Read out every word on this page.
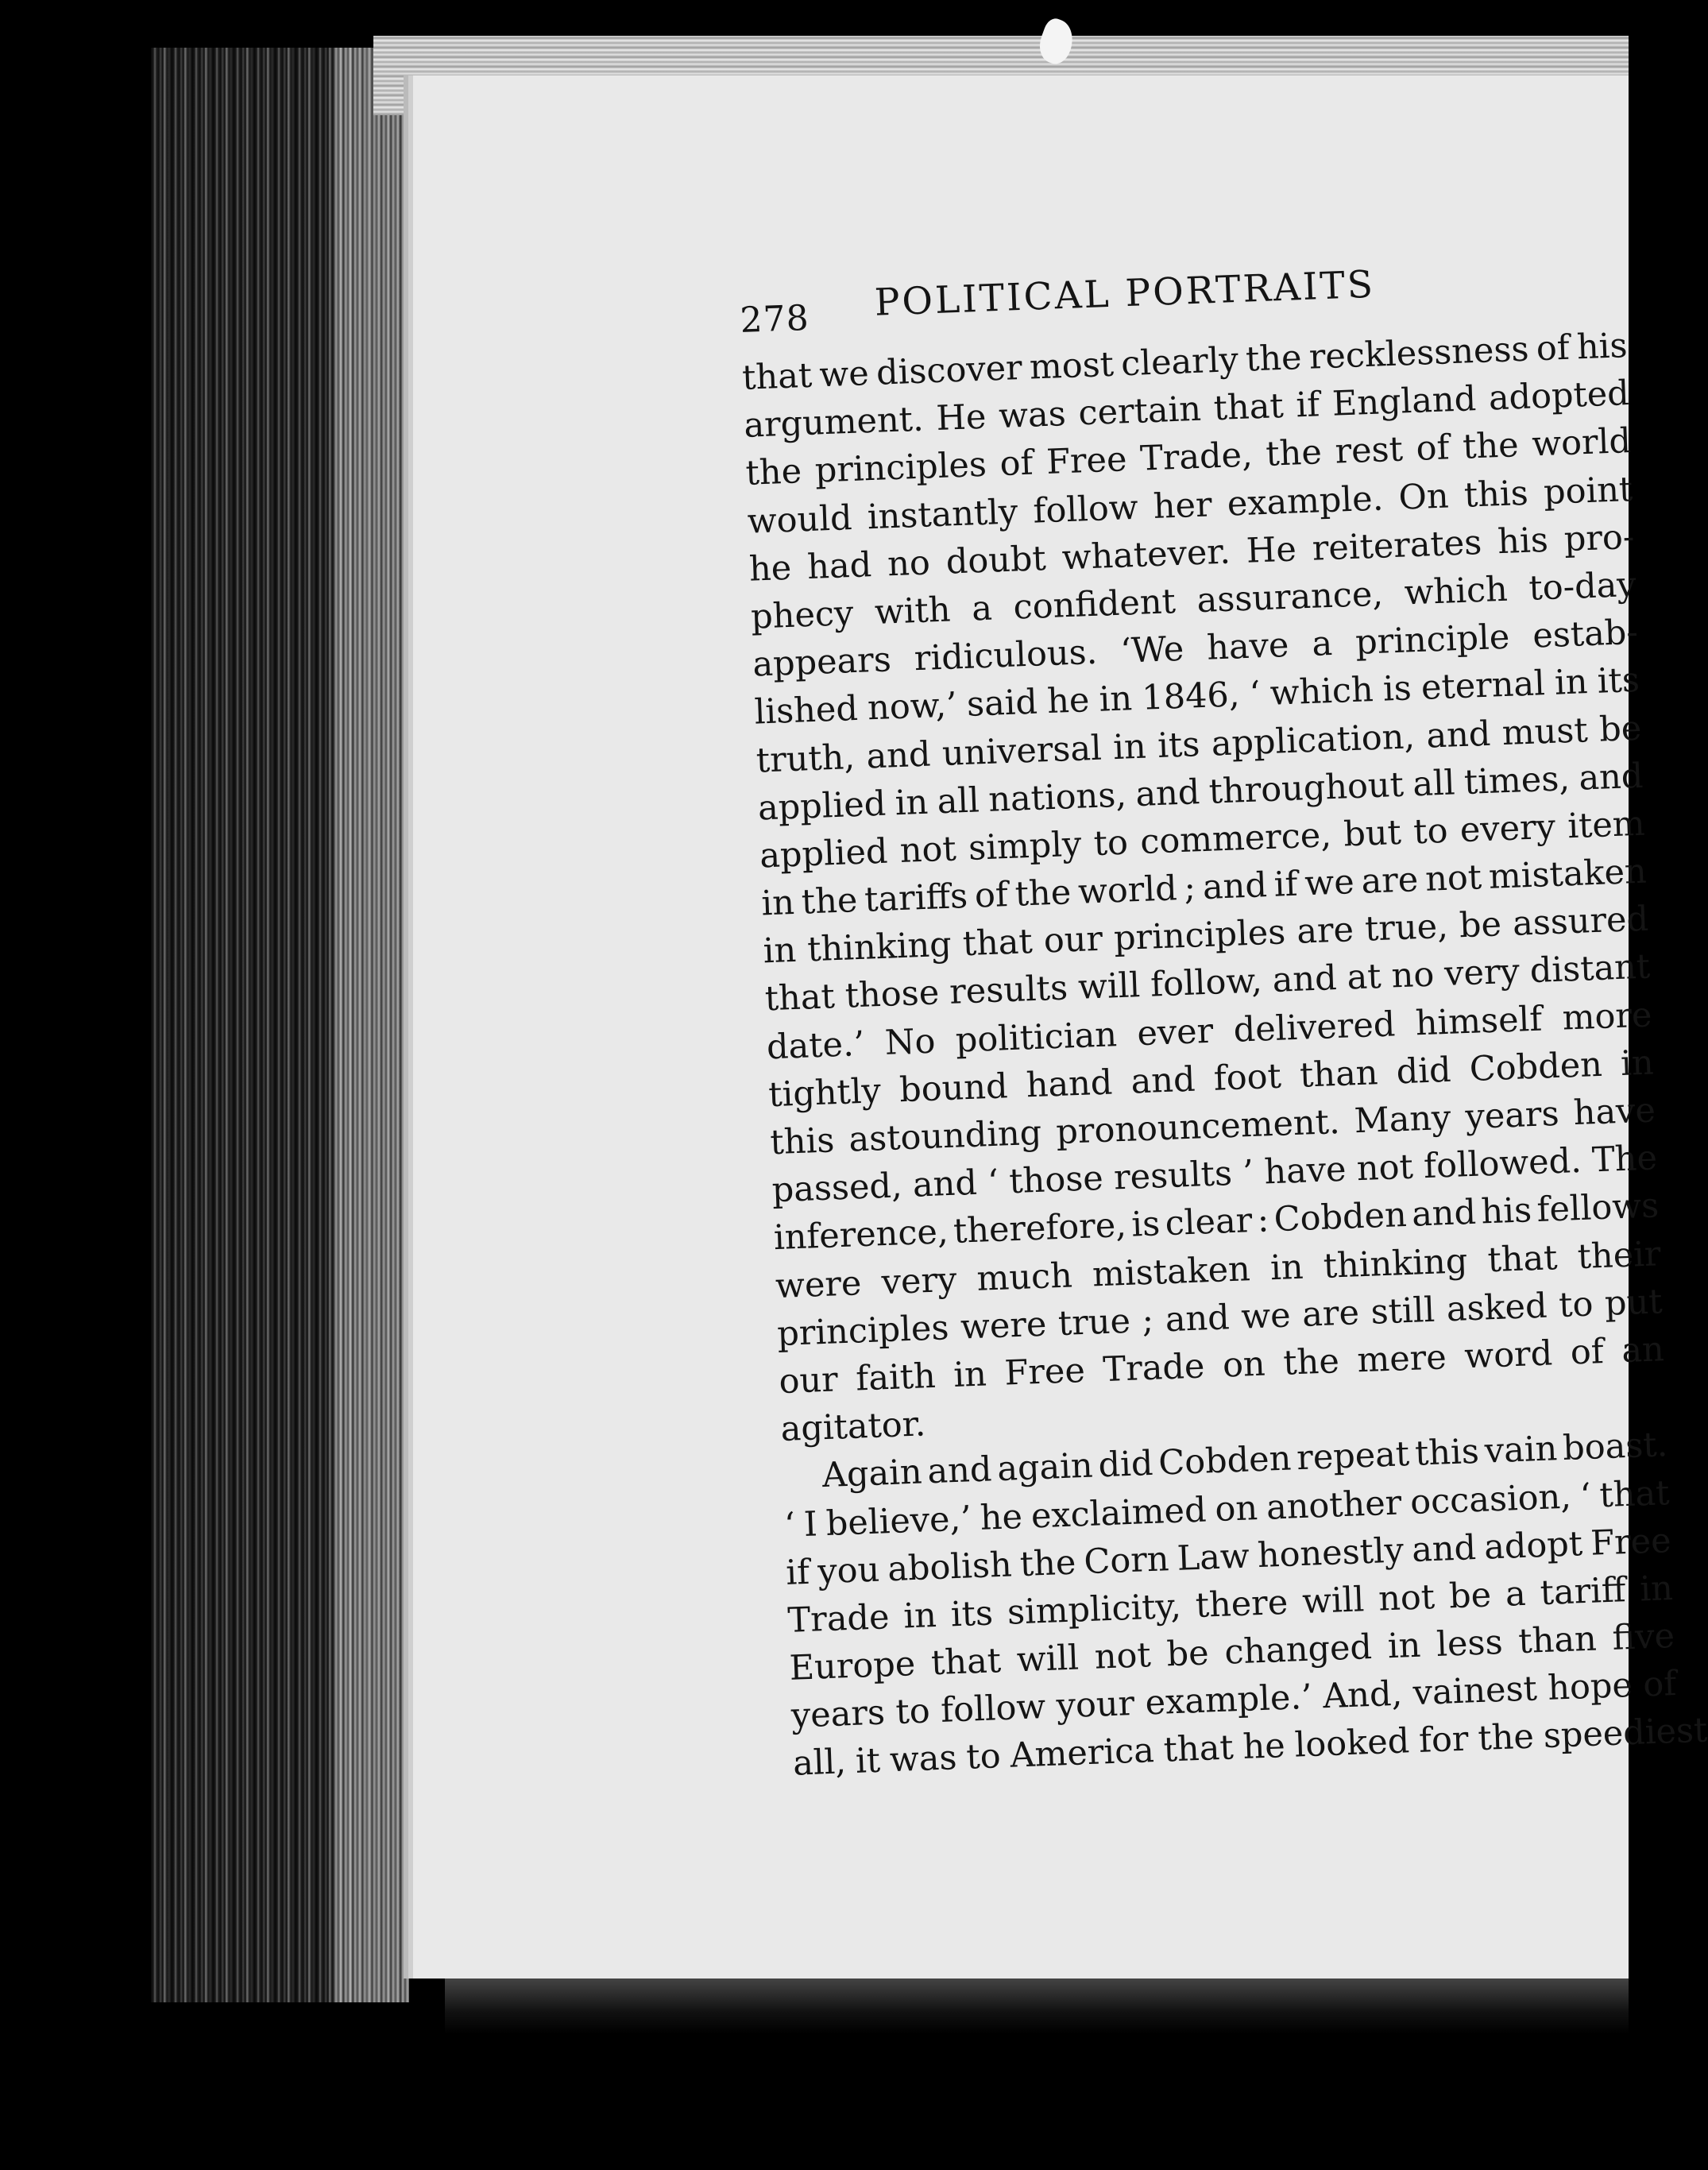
278 POLITICAL PORTRAITS
that we discover most clearly the recklessness of his
argument. He was certain that if England adopted
the principles of Free Trade, the rest of the world
would instantly follow her example. On this point
he had no doubt whatever. He reiterates his pro-
phecy with a confident assurance, which to-day
appears ridiculous. ‘We have a principle estab-
lished now,’ said he in 1846, ‘ which is eternal in its
truth, and universal in its application, and must be
applied in all nations, and throughout all times, and
applied not simply to commerce, but to every item
in the tariffs of the world ; and if we are not mistaken
in thinking that our principles are true, be assured
that those results will follow, and at no very distant
date.’ No politician ever delivered himself more
tightly bound hand and foot than did Cobden in
this astounding pronouncement. Many years have
passed, and ‘ those results ’ have not followed. The
inference, therefore, is clear : Cobden and his fellows
were very much mistaken in thinking that their
principles were true ; and we are still asked to put
our faith in Free Trade on the mere word of an
agitator.
Again and again did Cobden repeat this vain boast.
‘ I believe,’ he exclaimed on another occasion, ‘ that
if you abolish the Corn Law honestly and adopt Free
Trade in its simplicity, there will not be a tariff in
Europe that will not be changed in less than five
years to follow your example.’ And, vainest hope of
all, it was to America that he looked for the speediest
